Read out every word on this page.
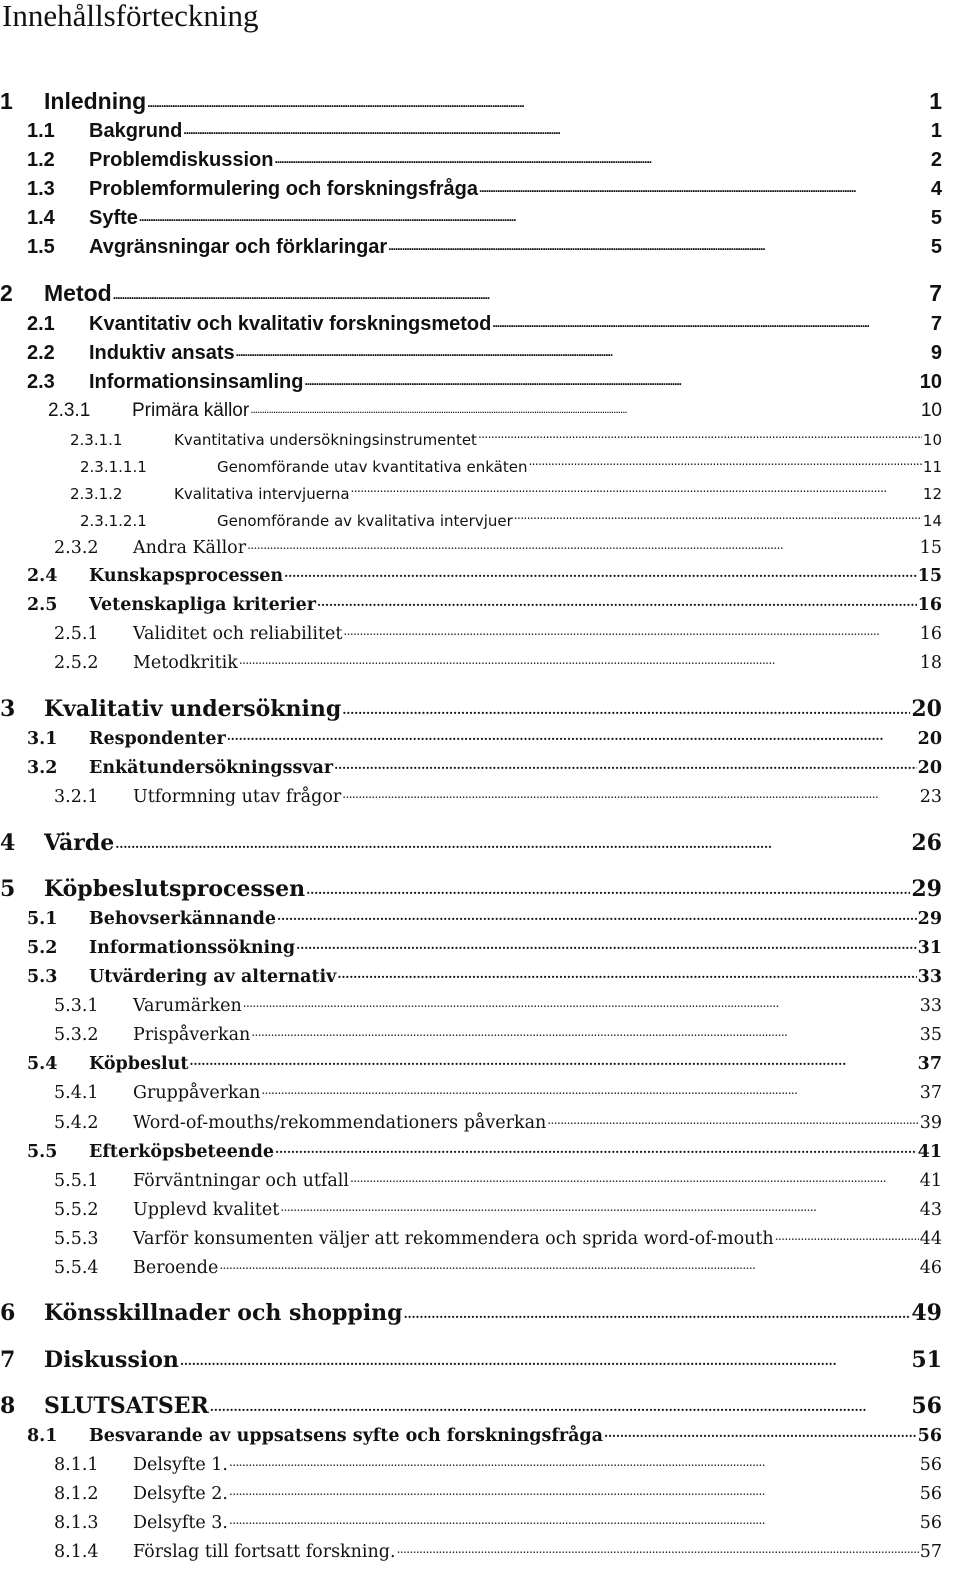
Innehållsförteckning
1	Inledning . . .	1
1.1	Bakgrund . . .	1
1.2	Problemdiskussion . . .	2
1.3	Problemformulering och forskningsfråga . . .	4
1.4	Syfte . . .	5
1.5	Avgränsningar och förklaringar . . .	5
2	Metod . . .	7
2.1	Kvantitativ och kvalitativ forskningsmetod . . .	7
2.2	Induktiv ansats . . .	9
2.3	Informationsinsamling . . .	10
2.3.1	Primära källor . . .	10
2.3.1.1	Kvantitativa undersökningsinstrumentet . . .	10
2.3.1.1.1	Genomförande utav kvantitativa enkäten . . .	11
2.3.1.2	Kvalitativa intervjuerna . . .	12
2.3.1.2.1	Genomförande av kvalitativa intervjuer . . .	14
2.3.2	Andra Källor . . .	15
2.4	Kunskapsprocessen . . .	15
2.5	Vetenskapliga kriterier . . .	16
2.5.1	Validitet och reliabilitet . . .	16
2.5.2	Metodkritik . . .	18
3	Kvalitativ undersökning . . .	20
3.1	Respondenter . . .	20
3.2	Enkätundersökningssvar . . .	20
3.2.1	Utformning utav frågor . . .	23
4	Värde . . .	26
5	Köpbeslutsprocessen . . .	29
5.1	Behovserkännande . . .	29
5.2	Informationssökning . . .	31
5.3	Utvärdering av alternativ . . .	33
5.3.1	Varumärken . . .	33
5.3.2	Prispåverkan . . .	35
5.4	Köpbeslut . . .	37
5.4.1	Gruppåverkan . . .	37
5.4.2	Word-of-mouths/rekommendationers påverkan . . .	39
5.5	Efterköpsbeteende . . .	41
5.5.1	Förväntningar och utfall . . .	41
5.5.2	Upplevd kvalitet . . .	43
5.5.3	Varför konsumenten väljer att rekommendera och sprida word-of-mouth . . .	44
5.5.4	Beroende . . .	46
6	Könsskillnader och shopping . . .	49
7	Diskussion . . .	51
8	SLUTSATSER . . .	56
8.1	Besvarande av uppsatsens syfte och forskningsfråga . . .	56
8.1.1	Delsyfte 1. . . .	56
8.1.2	Delsyfte 2. . . .	56
8.1.3	Delsyfte 3. . . .	56
8.1.4	Förslag till fortsatt forskning. . . .	57
